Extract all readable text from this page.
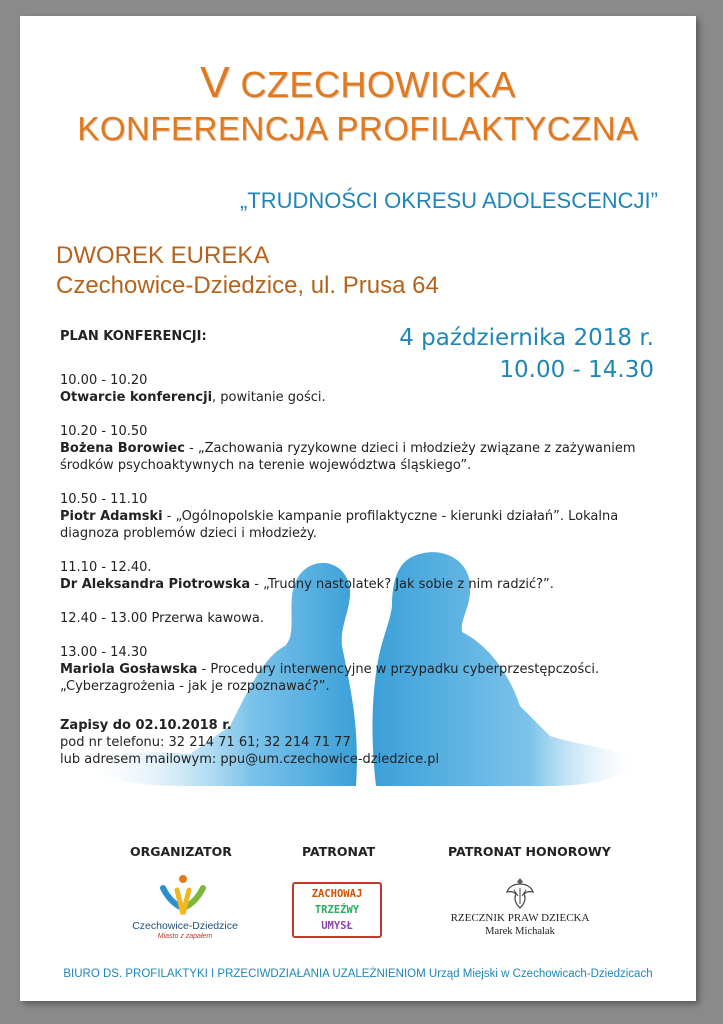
V CZECHOWICKA
KONFERENCJA PROFILAKTYCZNA
„TRUDNOŚCI OKRESU ADOLESCENCJI”
DWOREK EUREKA
Czechowice-Dziedzice, ul. Prusa 64
4 października 2018 r.
10.00 - 14.30

PLAN KONFERENCJI:

10.00 - 10.20
Otwarcie konferencji, powitanie gości.

10.20 - 10.50
Bożena Borowiec - „Zachowania ryzykowne dzieci i młodzieży związane z zażywaniem środków psychoaktywnych na terenie województwa śląskiego”.

10.50 - 11.10
Piotr Adamski - „Ogólnopolskie kampanie profilaktyczne - kierunki działań”. Lokalna diagnoza problemów dzieci i młodzieży.

11.10 - 12.40.
Dr Aleksandra Piotrowska - „Trudny nastolatek? Jak sobie z nim radzić?”.

12.40 - 13.00 Przerwa kawowa.

13.00 - 14.30
Mariola Gosławska - Procedury interwencyjne w przypadku cyberprzestępczości. „Cyberzagrożenia - jak je rozpoznawać?”.

Zapisy do 02.10.2018 r.
pod nr telefonu: 32 214 71 61; 32 214 71 77
lub adresem mailowym: ppu@um.czechowice-dziedzice.pl
ORGANIZATOR	PATRONAT	PATRONAT HONOROWY
Czechowice-Dziedzice
Miasto z zapałem
ZACHOWAJ
TRZEŹWY
UMYSŁ
RZECZNIK PRAW DZIECKA
Marek Michalak
BIURO DS. PROFILAKTYKI I PRZECIWDZIAŁANIA UZALEŻNIENIOM Urząd Miejski w Czechowicach-Dziedzicach
